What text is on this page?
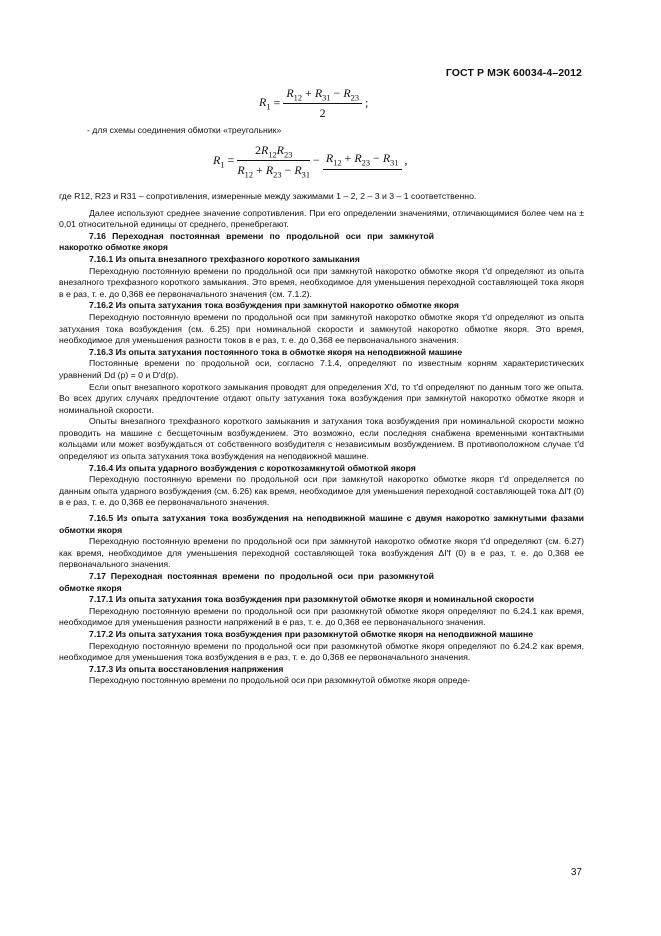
ГОСТ Р МЭК 60034-4–2012
$R_1 = \frac{R_{12} + R_{31} - R_{23}}{2}$ ;

- для схемы соединения обмотки «треугольник»

$R_1 = \frac{2R_{12}R_{23}}{R_{12} + R_{23} - R_{31}} - R_{12} + R_{23} - R_{31}$ ,

где R12, R23 и R31 – сопротивления, измеренные между зажимами 1 – 2, 2 – 3 и 3 – 1 соответственно.

Далее используют среднее значение сопротивления. При его определении значениями, отличающимися более чем на ± 0,01 относительной единицы от среднего, пренебрегают.

7.16 Переходная постоянная времени по продольной оси при замкнутой накоротко обмотке якоря

7.16.1 Из опыта внезапного трехфазного короткого замыкания

Переходную постоянную времени по продольной оси при замкнутой накоротко обмотке якоря τ′d определяют из опыта внезапного трехфазного короткого замыкания. Это время, необходимое для уменьшения переходной составляющей тока якоря в e раз, т. е. до 0,368 ее первоначального значения (см. 7.1.2).

7.16.2 Из опыта затухания тока возбуждения при замкнутой накоротко обмотке якоря

Переходную постоянную времени по продольной оси при замкнутой накоротко обмотке якоря τ′d определяют из опыта затухания тока возбуждения (см. 6.25) при номинальной скорости и замкнутой накоротко обмотке якоря. Это время, необходимое для уменьшения разности токов в e раз, т. е. до 0,368 ее первоначального значения.

7.16.3 Из опыта затухания постоянного тока в обмотке якоря на неподвижной машине

Постоянные времени по продольной оси, согласно 7.1.4, определяют по известным корням характеристических уравнений Dd (p) = 0 и D′d(p).

Если опыт внезапного короткого замыкания проводят для определения X′d, то τ′d определяют по данным того же опыта. Во всех других случаях предпочтение отдают опыту затухания тока возбуждения при замкнутой накоротко обмотке якоря и номинальной скорости.

Опыты внезапного трехфазного короткого замыкания и затухания тока возбуждения при номинальной скорости можно проводить на машине с бесщеточным возбуждением. Это возможно, если последняя снабжена временными контактными кольцами или может возбуждаться от собственного возбудителя с независимым возбуждением. В противоположном случае τ′d определяют из опыта затухания тока возбуждения на неподвижной машине.

7.16.4 Из опыта ударного возбуждения с короткозамкнутой обмоткой якоря

Переходную постоянную времени по продольной оси при замкнутой накоротко обмотке якоря τ′d определяется по данным опыта ударного возбуждения (см. 6.26) как время, необходимое для уменьшения переходной составляющей тока ΔI′f (0) в e раз, т. е. до 0,368 ее первоначального значения.

7.16.5 Из опыта затухания тока возбуждения на неподвижной машине с двумя накоротко замкнутыми фазами обмотки якоря

Переходную постоянную времени по продольной оси при замкнутой накоротко обмотке якоря τ′d определяют (см. 6.27) как время, необходимое для уменьшения переходной составляющей тока возбуждения ΔI′f (0) в e раз, т. е. до 0,368 ее первоначального значения.

7.17 Переходная постоянная времени по продольной оси при разомкнутой обмотке якоря

7.17.1 Из опыта затухания тока возбуждения при разомкнутой обмотке якоря и номинальной скорости

Переходную постоянную времени по продольной оси при разомкнутой обмотке якоря определяют по 6.24.1 как время, необходимое для уменьшения разности напряжений в e раз, т. е. до 0,368 ее первоначального значения.

7.17.2 Из опыта затухания тока возбуждения при разомкнутой обмотке якоря на неподвижной машине

Переходную постоянную времени по продольной оси при разомкнутой обмотке якоря определяют по 6.24.2 как время, необходимое для уменьшения тока возбуждения в e раз, т. е. до 0,368 ее первоначального значения.

7.17.3 Из опыта восстановления напряжения

Переходную постоянную времени по продольной оси при разомкнутой обмотке якоря опреде-

37
